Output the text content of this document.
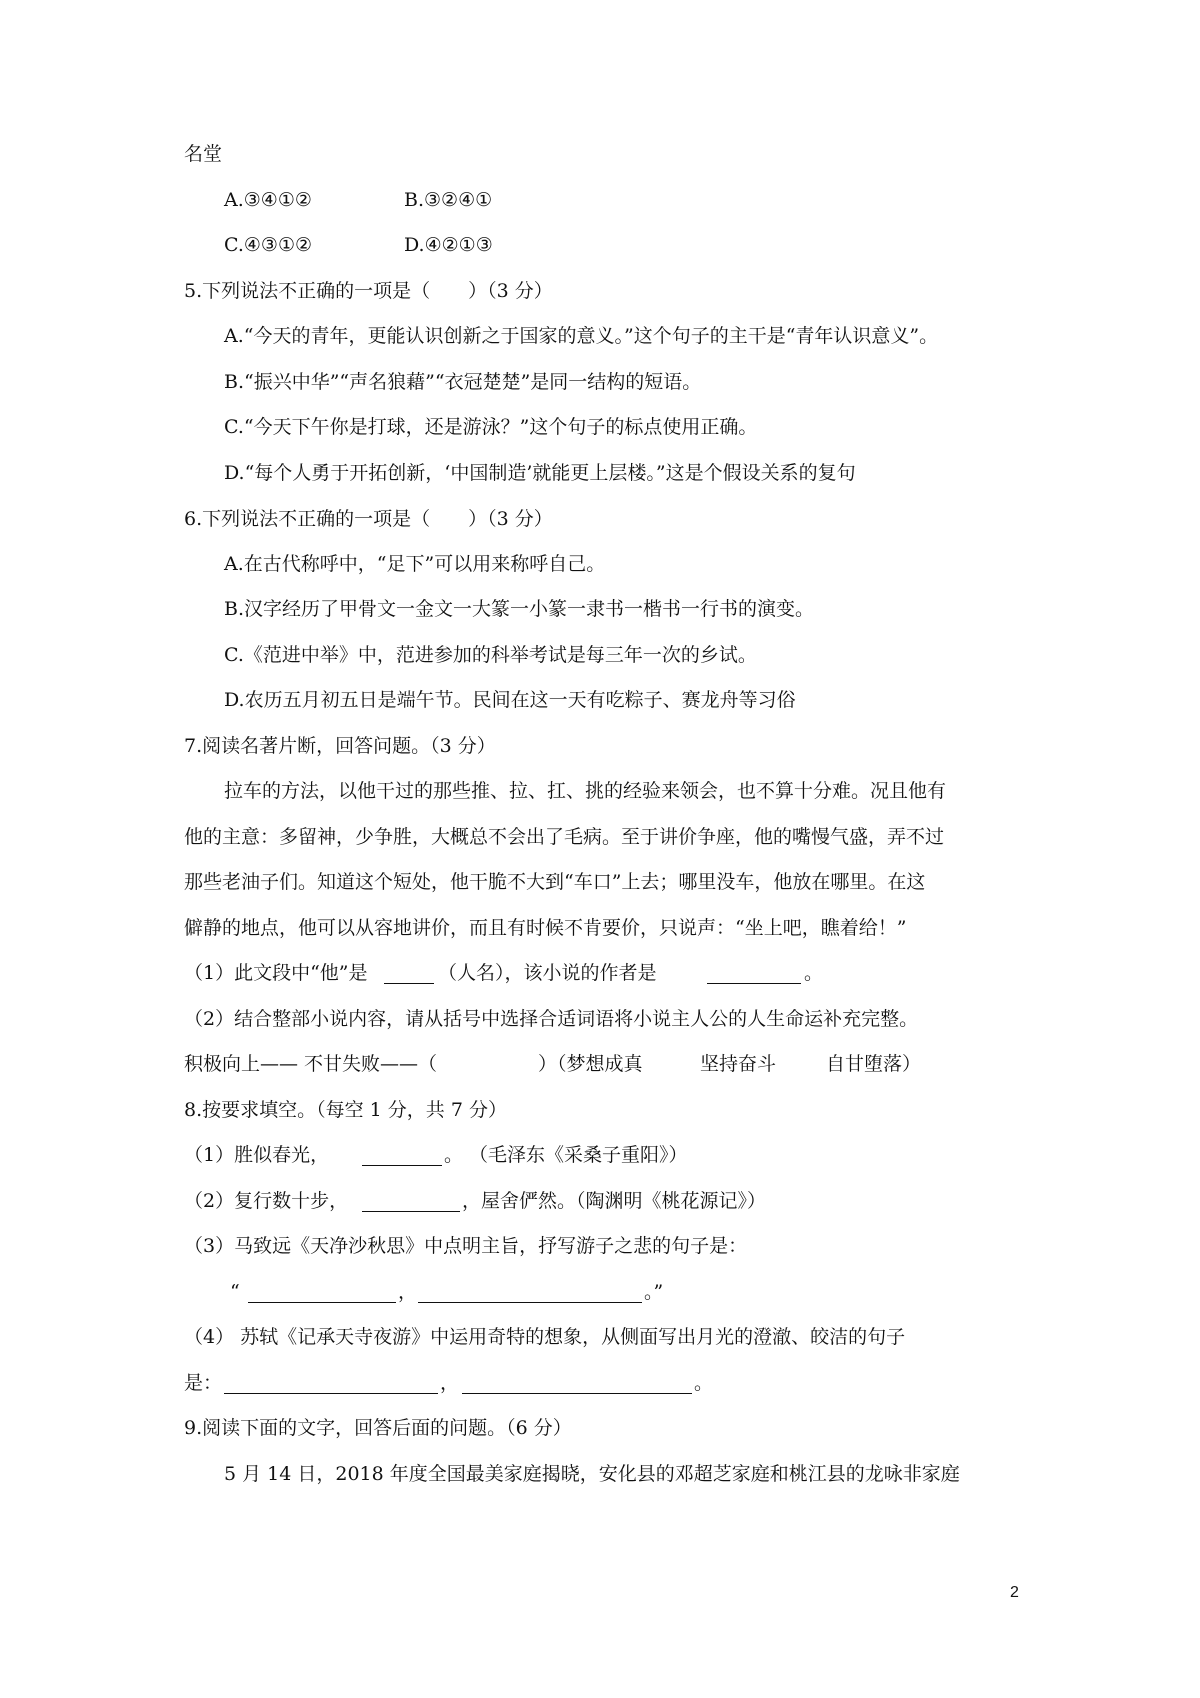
名堂
A.③④①②	B.③②④①
C.④③①②	D.④②①③
5.下列说法不正确的一项是（　　）（3 分）
A.“今天的青年，更能认识创新之于国家的意义。”这个句子的主干是“青年认识意义”。
B.“振兴中华”“声名狼藉”“衣冠楚楚”是同一结构的短语。
C.“今天下午你是打球，还是游泳？”这个句子的标点使用正确。
D.“每个人勇于开拓创新，‘中国制造’就能更上层楼。”这是个假设关系的复句
6.下列说法不正确的一项是（　　）（3 分）
A.在古代称呼中，“足下”可以用来称呼自己。
B.汉字经历了甲骨文一金文一大篆一小篆一隶书一楷书一行书的演变。
C.《范进中举》中，范进参加的科举考试是每三年一次的乡试。
D.农历五月初五日是端午节。民间在这一天有吃粽子、赛龙舟等习俗
7.阅读名著片断，回答问题。（3 分）
拉车的方法，以他干过的那些推、拉、扛、挑的经验来领会，也不算十分难。况且他有
他的主意：多留神，少争胜，大概总不会出了毛病。至于讲价争座，他的嘴慢气盛，弄不过
那些老油子们。知道这个短处，他干脆不大到“车口”上去；哪里没车，他放在哪里。在这
僻静的地点，他可以从容地讲价，而且有时候不肯要价，只说声：“坐上吧，瞧着给！”
（1）此文段中“他”是	（人名），该小说的作者是	。
（2）结合整部小说内容，请从括号中选择合适词语将小说主人公的人生命运补充完整。
积极向上—— 不甘失败——（	）（梦想成真	坚持奋斗	自甘堕落）
8.按要求填空。（每空 1 分，共 7 分）
（1）胜似春光，	。 （毛泽东《采桑子重阳》）
（2）复行数十步，	，屋舍俨然。（陶渊明《桃花源记》）
（3）马致远《天净沙秋思》中点明主旨，抒写游子之悲的句子是：
“	，	。”
（4） 苏轼《记承天寺夜游》中运用奇特的想象，从侧面写出月光的澄澈、皎洁的句子
是：	，	。
9.阅读下面的文字，回答后面的问题。（6 分）
5 月 14 日，2018 年度全国最美家庭揭晓，安化县的邓超芝家庭和桃江县的龙咏非家庭
2
